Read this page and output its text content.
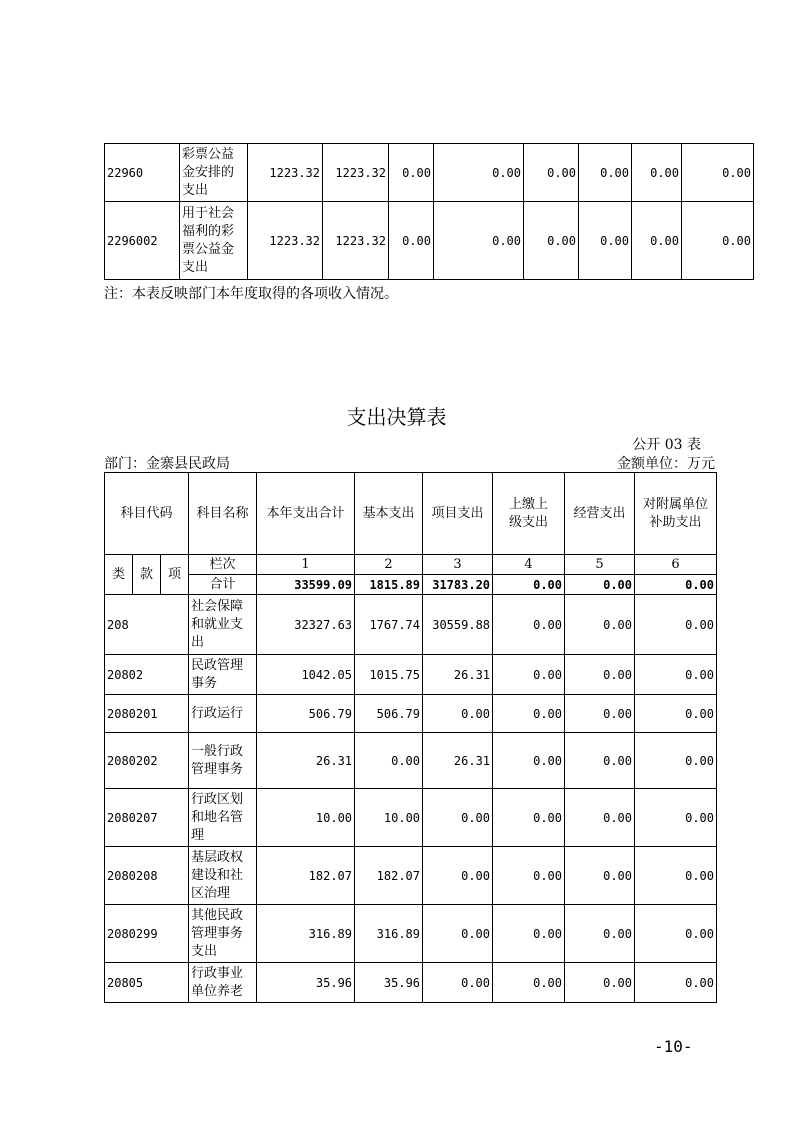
22960	彩票公益金安排的支出	1223.32	1223.32	0.00	0.00	0.00	0.00	0.00	0.00
2296002	用于社会福利的彩票公益金支出	1223.32	1223.32	0.00	0.00	0.00	0.00	0.00	0.00
注：本表反映部门本年度取得的各项收入情况。
支出决算表
公开 03 表
部门：金寨县民政局	金额单位：万元
科目代码			科目名称	本年支出合计	基本支出	项目支出	上缴上级支出	经营支出	对附属单位补助支出
类	款	项	栏次	1	2	3	4	5	6
			合计	33599.09	1815.89	31783.20	0.00	0.00	0.00
208			社会保障和就业支出	32327.63	1767.74	30559.88	0.00	0.00	0.00
20802			民政管理事务	1042.05	1015.75	26.31	0.00	0.00	0.00
2080201			行政运行	506.79	506.79	0.00	0.00	0.00	0.00
2080202			一般行政管理事务	26.31	0.00	26.31	0.00	0.00	0.00
2080207			行政区划和地名管理	10.00	10.00	0.00	0.00	0.00	0.00
2080208			基层政权建设和社区治理	182.07	182.07	0.00	0.00	0.00	0.00
2080299			其他民政管理事务支出	316.89	316.89	0.00	0.00	0.00	0.00
20805			行政事业单位养老	35.96	35.96	0.00	0.00	0.00	0.00
-10-
